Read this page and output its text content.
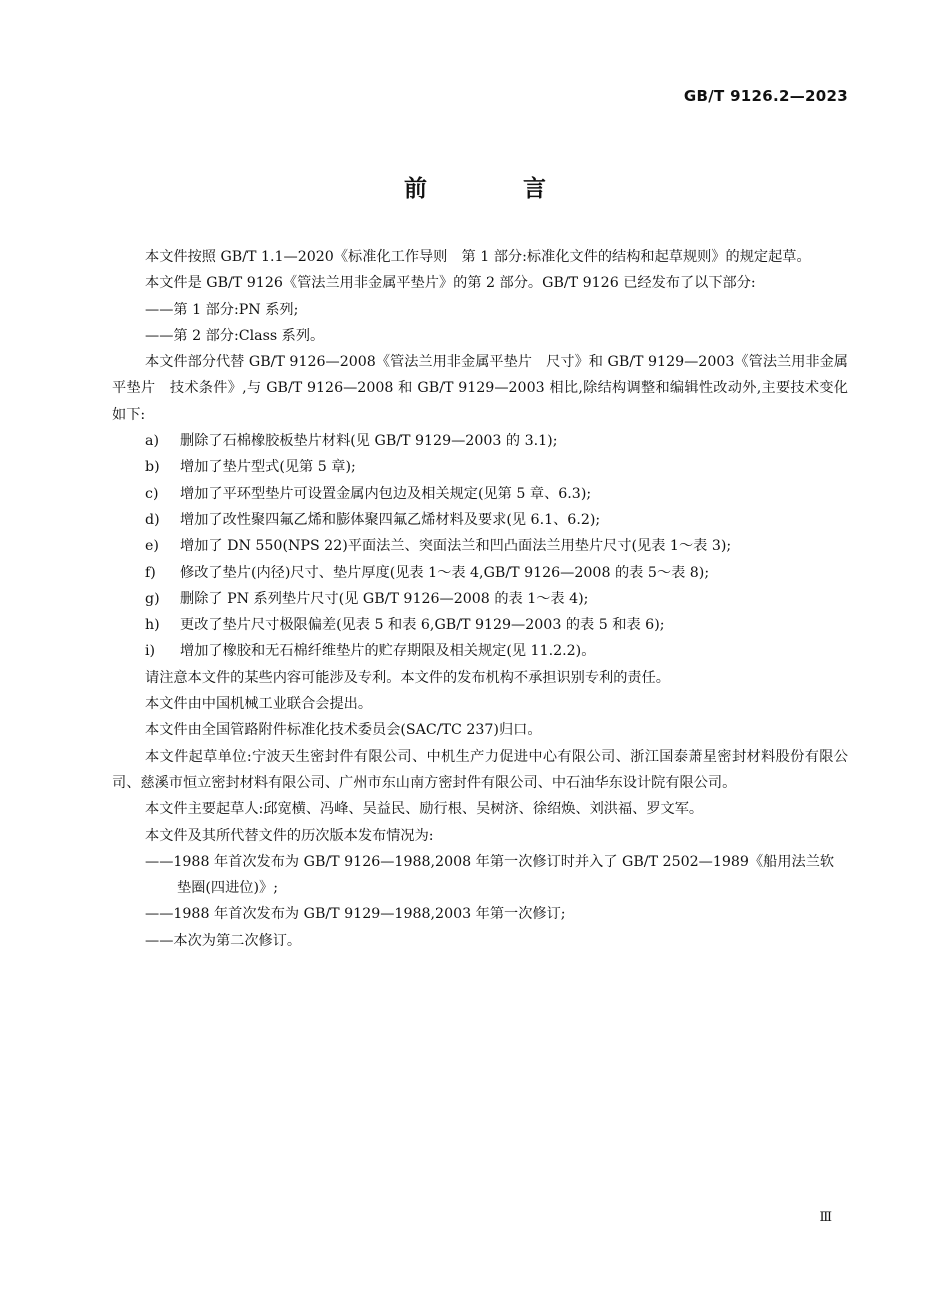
GB/T 9126.2—2023
前 言

本文件按照 GB/T 1.1—2020《标准化工作导则　第 1 部分:标准化文件的结构和起草规则》的规定起草。

本文件是 GB/T 9126《管法兰用非金属平垫片》的第 2 部分。GB/T 9126 已经发布了以下部分:

——第 1 部分:PN 系列;

——第 2 部分:Class 系列。

本文件部分代替 GB/T 9126—2008《管法兰用非金属平垫片　尺寸》和 GB/T 9129—2003《管法兰用非金属平垫片　技术条件》,与 GB/T 9126—2008 和 GB/T 9129—2003 相比,除结构调整和编辑性改动外,主要技术变化如下:

a)	删除了石棉橡胶板垫片材料(见 GB/T 9129—2003 的 3.1);
b)	增加了垫片型式(见第 5 章);
c)	增加了平环型垫片可设置金属内包边及相关规定(见第 5 章、6.3);
d)	增加了改性聚四氟乙烯和膨体聚四氟乙烯材料及要求(见 6.1、6.2);
e)	增加了 DN 550(NPS 22)平面法兰、突面法兰和凹凸面法兰用垫片尺寸(见表 1～表 3);
f)	修改了垫片(内径)尺寸、垫片厚度(见表 1～表 4,GB/T 9126—2008 的表 5～表 8);
g)	删除了 PN 系列垫片尺寸(见 GB/T 9126—2008 的表 1～表 4);
h)	更改了垫片尺寸极限偏差(见表 5 和表 6,GB/T 9129—2003 的表 5 和表 6);
i)	增加了橡胶和无石棉纤维垫片的贮存期限及相关规定(见 11.2.2)。

请注意本文件的某些内容可能涉及专利。本文件的发布机构不承担识别专利的责任。

本文件由中国机械工业联合会提出。

本文件由全国管路附件标准化技术委员会(SAC/TC 237)归口。

本文件起草单位:宁波天生密封件有限公司、中机生产力促进中心有限公司、浙江国泰萧星密封材料股份有限公司、慈溪市恒立密封材料有限公司、广州市东山南方密封件有限公司、中石油华东设计院有限公司。

本文件主要起草人:邱宽横、冯峰、吴益民、励行根、吴树济、徐绍焕、刘洪福、罗文军。

本文件及其所代替文件的历次版本发布情况为:

——1988 年首次发布为 GB/T 9126—1988,2008 年第一次修订时并入了 GB/T 2502—1989《船用法兰软垫圈(四进位)》;

——1988 年首次发布为 GB/T 9129—1988,2003 年第一次修订;

——本次为第二次修订。

Ⅲ
